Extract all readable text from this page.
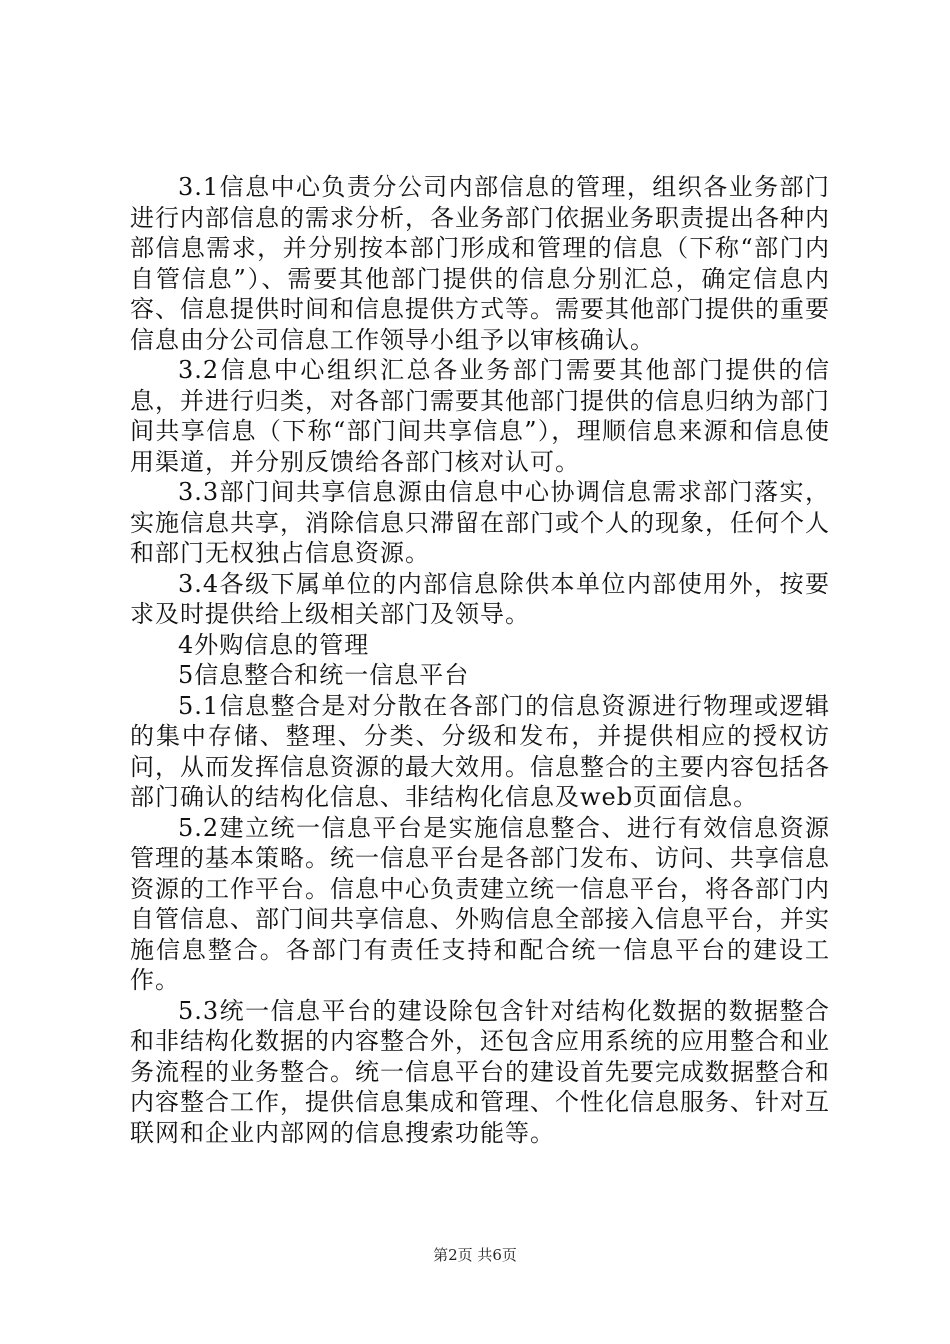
3.1信息中心负责分公司内部信息的管理，组织各业务部门进行内部信息的需求分析，各业务部门依据业务职责提出各种内部信息需求，并分别按本部门形成和管理的信息（下称“部门内自管信息”）、需要其他部门提供的信息分别汇总，确定信息内容、信息提供时间和信息提供方式等。需要其他部门提供的重要信息由分公司信息工作领导小组予以审核确认。

3.2信息中心组织汇总各业务部门需要其他部门提供的信息，并进行归类，对各部门需要其他部门提供的信息归纳为部门间共享信息（下称“部门间共享信息”），理顺信息来源和信息使用渠道，并分别反馈给各部门核对认可。

3.3部门间共享信息源由信息中心协调信息需求部门落实，实施信息共享，消除信息只滞留在部门或个人的现象，任何个人和部门无权独占信息资源。

3.4各级下属单位的内部信息除供本单位内部使用外，按要求及时提供给上级相关部门及领导。

4外购信息的管理

5信息整合和统一信息平台

5.1信息整合是对分散在各部门的信息资源进行物理或逻辑的集中存储、整理、分类、分级和发布，并提供相应的授权访问，从而发挥信息资源的最大效用。信息整合的主要内容包括各部门确认的结构化信息、非结构化信息及web页面信息。

5.2建立统一信息平台是实施信息整合、进行有效信息资源管理的基本策略。统一信息平台是各部门发布、访问、共享信息资源的工作平台。信息中心负责建立统一信息平台，将各部门内自管信息、部门间共享信息、外购信息全部接入信息平台，并实施信息整合。各部门有责任支持和配合统一信息平台的建设工作。

5.3统一信息平台的建设除包含针对结构化数据的数据整合和非结构化数据的内容整合外，还包含应用系统的应用整合和业务流程的业务整合。统一信息平台的建设首先要完成数据整合和内容整合工作，提供信息集成和管理、个性化信息服务、针对互联网和企业内部网的信息搜索功能等。

第2页 共6页
